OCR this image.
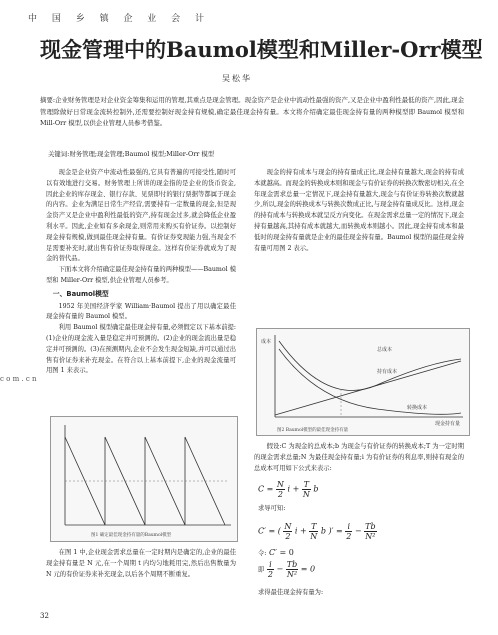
中 国 乡 镇 企 业 会 计
现金管理中的Baumol模型和Miller-Orr模型
吴松华
摘要:企业财务管理是对企业资金筹集和运用的管理,其重点是现金管理。现金资产是企业中流动性最强的资产,又是企业中盈利性最低的资产,因此,现金管理除做好日常现金流转控制外,还需要控制好现金持有规模,确定最佳现金持有量。本文将介绍确定最佳现金持有量的两种模型即 Baumol 模型和 Mill-Orr 模型,以供企业管理人员参考借鉴。
关键词:财务管理;现金管理;Baumol 模型;Miller-Orr 模型

现金是企业资产中流动性最强的,它具有普遍的可接受性,随时可以有效地进行交易。财务管理上所讲的现金指的是企业的货币资金,因此企业的库存现金、银行存款、见票即付的银行票据等都属于现金的内容。企业为满足日常生产经营,需要持有一定数量的现金,但是现金资产又是企业中盈利性最低的资产,持有现金过多,就会降低企业盈利水平。因此,企业如有多余现金,则常用来购买有价证券。以控制好现金持有规模,做到最佳现金持有量。有价证券变现能力强,当现金不足需要补充时,就出售有价证券取得现金。这样有价证券就成为了现金的替代品。

下面本文将介绍确定最佳现金持有量的两种模型——Baumol 模型和 Miller-Orr 模型,供企业管理人员参考。

一、Baumol模型

1952 年美国经济学家 William·Baumol 提出了用以确定最佳现金持有量的 Baumol 模型。

利用 Baumol 模型确定最佳现金持有量,必须假定以下基本前提:(1)企业的现金流入量是稳定并可预测的。(2)企业的现金流出量是稳定并可预测的。(3)在预测期内,企业不会发生现金短缺,并可以通过出售有价证券来补充现金。在符合以上基本前提下,企业的现金流量可用图 1 来表示。

图1 确定最佳现金持有量的Baumol模型

在图 1 中,企业现金需求总量在一定时期内是确定的,企业的最佳现金持有量是 N 元,在一个周期 t 内均匀地耗用完,然后出售数量为 N 元的有价证券来补充现金,以后各个周期不断重复。

现金的持有成本与现金的持有量成正比,现金持有量越大,现金的持有成本就越高。而现金的转换成本则和现金与有价证券的转换次数密切相关,在全年现金需求总量一定情况下,现金持有量越大,现金与有价证券转换次数就越少,所以,现金的转换成本与转换次数成正比,与现金持有量成反比。这样,现金的持有成本与转换成本就呈反方向变化。在现金需求总量一定的情况下,现金持有量越高,其持有成本就越大,而转换成本则越小。因此,现金持有成本和最低时的现金持有量就是企业的最佳现金持有量。Baumol 模型的最佳现金持有量可用图 2 表示。

总成本
持有成本
转换成本
成本
现金持有量
图2 Baumol模型的最佳现金持有量

假设:C 为现金的总成本;b 为现金与有价证券的转换成本;T 为一定时期的现金需求总量;N 为最佳现金持有量;i 为有价证券的利息率,则持有现金的总成本可用如下公式来表示:

$C = \frac{N}{2}$ $i + \frac{T}{N}$ b
求导可知:
C′ = ( $\frac{N}{2}$ $i + \frac{T}{N}$ b )′ = $\frac{i}{2} - \frac{Tb}{\text{N²}}$
令: C′ = 0
即 $\frac{i}{2} - \frac{Tb}{\text{N²}} = 0$
求得最佳现金持有量为:
c o m . c n
32
